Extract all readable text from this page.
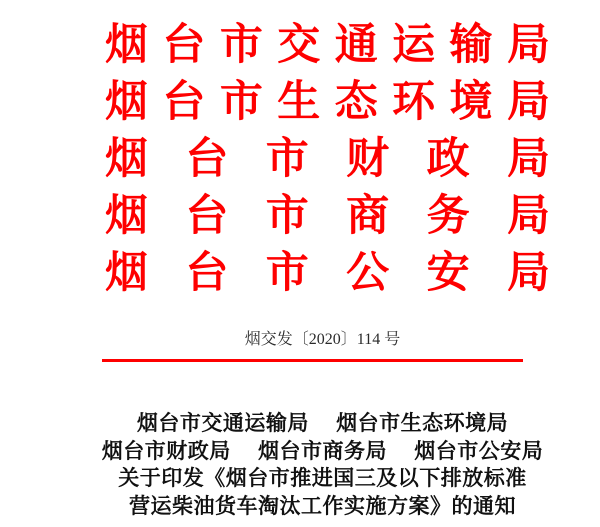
烟 台 市 交 通 运 输 局
烟 台 市 生 态 环 境 局
烟 台 市 财 政 局
烟 台 市 商 务 局
烟 台 市 公 安 局
烟交发〔2020〕114 号
烟台市交通运输局　 烟台市生态环境局
烟台市财政局　 烟台市商务局　 烟台市公安局
关于印发《烟台市推进国三及以下排放标准
营运柴油货车淘汰工作实施方案》的通知
